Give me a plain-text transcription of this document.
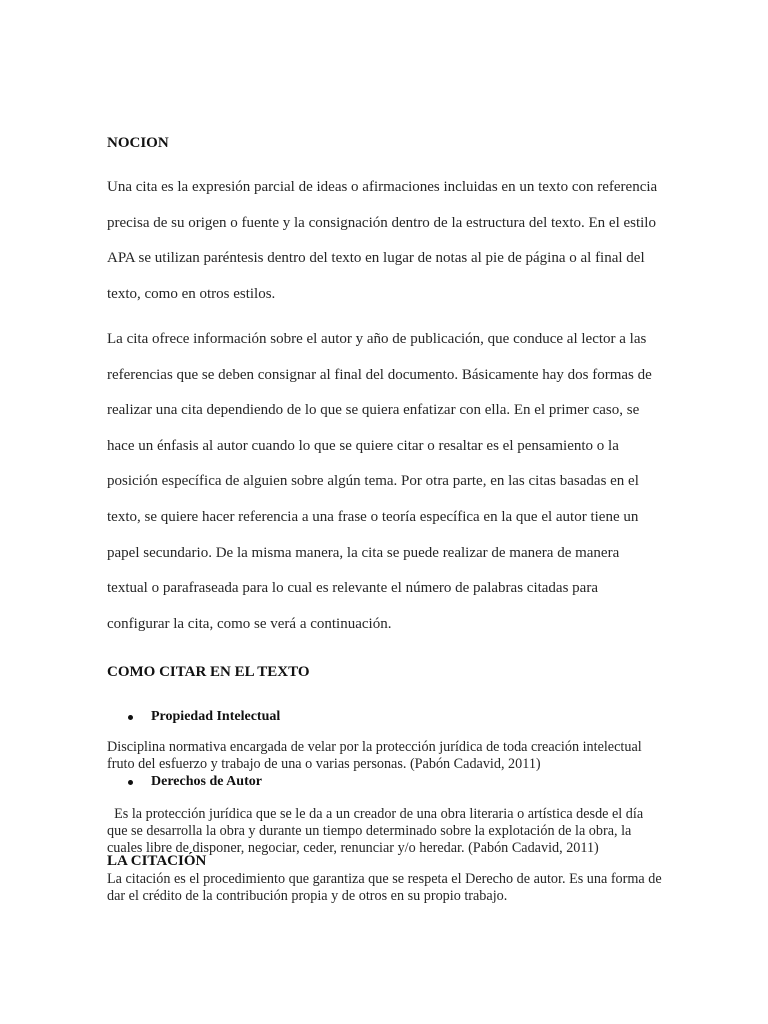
NOCION

Una cita es la expresión parcial de ideas o afirmaciones incluidas en un texto con referencia precisa de su origen o fuente y la consignación dentro de la estructura del texto. En el estilo APA se utilizan paréntesis dentro del texto en lugar de notas al pie de página o al final del texto, como en otros estilos.

La cita ofrece información sobre el autor y año de publicación, que conduce al lector a las referencias que se deben consignar al final del documento. Básicamente hay dos formas de realizar una cita dependiendo de lo que se quiera enfatizar con ella. En el primer caso, se hace un énfasis al autor cuando lo que se quiere citar o resaltar es el pensamiento o la posición específica de alguien sobre algún tema. Por otra parte, en las citas basadas en el texto, se quiere hacer referencia a una frase o teoría específica en la que el autor tiene un papel secundario. De la misma manera, la cita se puede realizar de manera de manera textual o parafraseada para lo cual es relevante el número de palabras citadas para configurar la cita, como se verá a continuación.

COMO CITAR EN EL TEXTO

Propiedad Intelectual

Disciplina normativa encargada de velar por la protección jurídica de toda creación intelectual fruto del esfuerzo y trabajo de una o varias personas. (Pabón Cadavid, 2011)

Derechos de Autor

Es la protección jurídica que se le da a un creador de una obra literaria o artística desde el día que se desarrolla la obra y durante un tiempo determinado sobre la explotación de la obra, la cuales libre de disponer, negociar, ceder, renunciar y/o heredar. (Pabón Cadavid, 2011)

LA CITACIÓN

La citación es el procedimiento que garantiza que se respeta el Derecho de autor. Es una forma de dar el crédito de la contribución propia y de otros en su propio trabajo.
